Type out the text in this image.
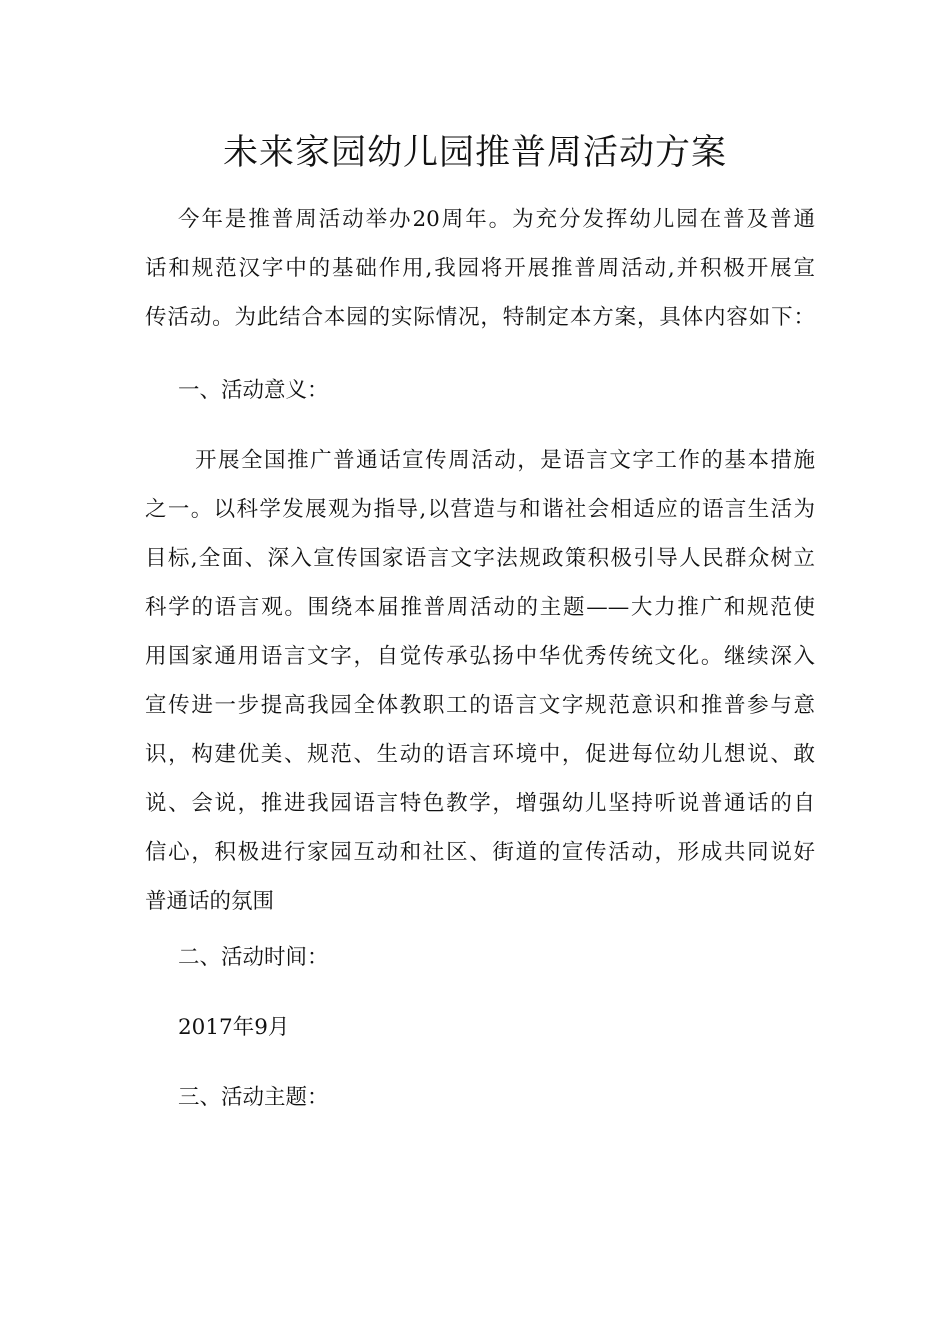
未来家园幼儿园推普周活动方案
今年是推普周活动举办20周年。为充分发挥幼儿园在普及普通
话和规范汉字中的基础作用,我园将开展推普周活动,并积极开展宣
传活动。为此结合本园的实际情况，特制定本方案，具体内容如下：
一、活动意义：
开展全国推广普通话宣传周活动，是语言文字工作的基本措施
之一。以科学发展观为指导,以营造与和谐社会相适应的语言生活为
目标,全面、深入宣传国家语言文字法规政策积极引导人民群众树立
科学的语言观。围绕本届推普周活动的主题——大力推广和规范使
用国家通用语言文字，自觉传承弘扬中华优秀传统文化。继续深入
宣传进一步提高我园全体教职工的语言文字规范意识和推普参与意
识，构建优美、规范、生动的语言环境中，促进每位幼儿想说、敢
说、会说，推进我园语言特色教学，增强幼儿坚持听说普通话的自
信心，积极进行家园互动和社区、街道的宣传活动，形成共同说好
普通话的氛围
二、活动时间：
2017年9月
三、活动主题：
